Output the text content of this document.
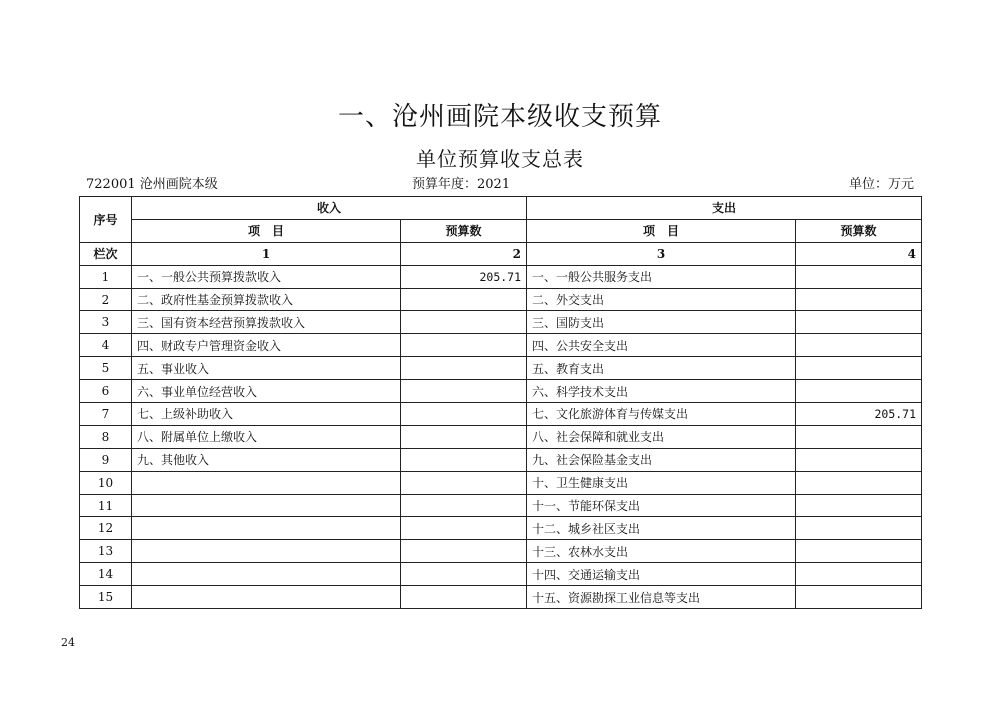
一、沧州画院本级收支预算
单位预算收支总表
722001 沧州画院本级	预算年度：2021	单位：万元
序号	收入		支出	
	项　目	预算数	项　目	预算数
栏次	1	2	3	4
1	一、一般公共预算拨款收入	205.71	一、一般公共服务支出	
2	二、政府性基金预算拨款收入		二、外交支出	
3	三、国有资本经营预算拨款收入		三、国防支出	
4	四、财政专户管理资金收入		四、公共安全支出	
5	五、事业收入		五、教育支出	
6	六、事业单位经营收入		六、科学技术支出	
7	七、上级补助收入		七、文化旅游体育与传媒支出	205.71
8	八、附属单位上缴收入		八、社会保障和就业支出	
9	九、其他收入		九、社会保险基金支出	
10			十、卫生健康支出	
11			十一、节能环保支出	
12			十二、城乡社区支出	
13			十三、农林水支出	
14			十四、交通运输支出	
15			十五、资源勘探工业信息等支出	
24
